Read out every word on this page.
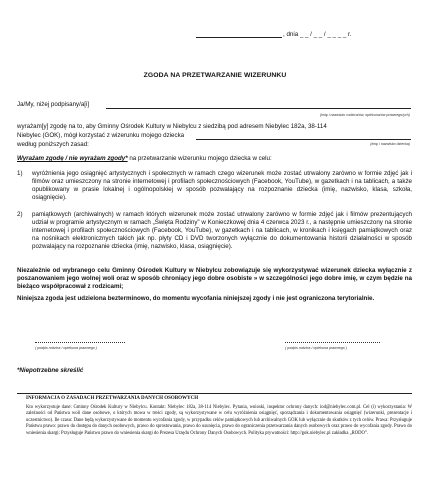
, dnia _ _ / _ _ / _ _ _ _ r.
ZGODA NA PRZETWARZANIE WIZERUNKU
Ja/My, niżej podpisany/a[i]
(imię i nazwisko rodzica/ów, opiekuna/ów prawnego/ych)
wyrażam[y] zgodę na to, aby Gminny Ośrodek Kultury w Niebylcu z siedzibą pod adresem Niebylec 182a, 38-114
Niebylec (GOK), mógł korzystać z wizerunku mojego dziecka
według poniższych zasad:	(imię i nazwisko dziecka)
Wyrażam zgodę / nie wyrażam zgody* na przetwarzanie wizerunku mojego dziecka w celu:
1)	wyróżnienia jego osiągnięć artystycznych i społecznych w ramach czego wizerunek może zostać utrwalony zarówno w formie zdjęć jak i filmów oraz umieszczony na stronie internetowej i profilach społecznościowych (Facebook, YouTube), w gazetkach i na tablicach, a także opublikowany w prasie lokalnej i ogólnopolskiej w sposób pozwalający na rozpoznanie dziecka (imię, nazwisko, klasa, szkoła, osiągnięcie).
2)	pamiątkowych (archiwalnych) w ramach których wizerunek może zostać utrwalony zarówno w formie zdjęć jak i filmów prezentujących udział w programie artystycznym w ramach „Święta Rodziny” w Konieczkowej dnia 4 czerwca 2023 r., a następnie umieszczony na stronie internetowej i profilach społecznościowych (Facebook, YouTube), w gazetkach i na tablicach, w kronikach i księgach pamiątkowych oraz na nośnikach elektronicznych takich jak np. płyty CD i DVD tworzonych wyłącznie do dokumentowania historii działalności w sposób pozwalający na rozpoznanie dziecka (imię, nazwisko, klasa, osiągnięcie).
Niezależnie od wybranego celu Gminny Ośrodek Kultury w Niebylcu zobowiązuje się wykorzystywać wizerunek dziecka wyłącznie z poszanowaniem jego wolnej woli oraz w sposób chroniący jego dobre osobiste » w szczególności jego dobre imię, w czym będzie na bieżąco współpracował z rodzicami;
Niniejsza zgoda jest udzielona bezterminowo, do momentu wycofania niniejszej zgody i nie jest ograniczona terytorialnie.
( podpis rodzica / opiekuna prawnego )	( podpis rodzica / opiekuna prawnego )
*Niepotrzebne skreślić
INFORMACJA O ZASADACH PRZETWARZANIA DANYCH OSOBOWYCH
Kto wykorzystuje dane: Gminny Ośrodek Kultury w Niebylcu. Kontakt: Niebylec 182a, 38-114 Niebylec. Pytania, wnioski, inspektor ochrony danych: iod@niebylec.com.pl. Cel (i) wykorzystania: W zależności od Państwa woli dane osobowe, o których mowa w treści zgody, są wykorzystywane w celu wyróżnienia osiągnięć, sporządzania i dokumentowania osiągnięć (wizerunki, prezentacje i uczestnictwo). Ile czasu: Dane będą wykorzystywane do momentu wycofania zgody, w przypadku celów pamiątkowych lub archiwalnych GOK lub wyłącznie do skutków z tych celów. Prawa: Przysługuje Państwu prawo: prawo do dostępu do danych osobowych, prawo do sprostowania, prawo do usunięcia, prawo do ograniczenia przetwarzania danych osobowych oraz prawo do wycofania zgody. Prawo do wniesienia skargi: Przysługuje Państwu prawo do wniesienia skargi do Prezesa Urzędu Ochrony Danych Osobowych. Polityka prywatności: http://gok.niebylec.pl zakładka „RODO”.
